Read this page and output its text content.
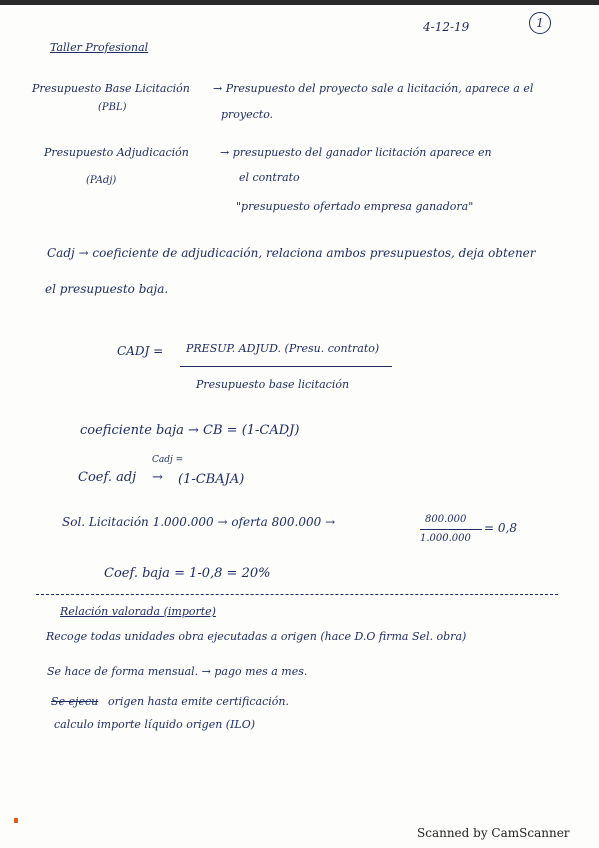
4-12-19	1
Taller Profesional
Presupuesto Base Licitación → Presupuesto del proyecto sale a licitación, aparece a el
(PBL)
proyecto.
Presupuesto Adjudicación	→ presupuesto del ganador licitación aparece en
(PAdj)	el contrato
"presupuesto ofertado empresa ganadora"
Cadj → coeficiente de adjudicación, relaciona ambos presupuestos, deja obtener
el presupuesto baja.
CADJ = PRESUP. ADJUD. (Presu. contrato)
Presupuesto base licitación
coeficiente baja → CB = (1-CADJ)
Cadj =
Coef. adj → (1-CBAJA)
Sol. Licitación 1.000.000 → oferta 800.000 →	800.000
1.000.000
= 0,8
Coef. baja = 1-0,8 = 20%
Relación valorada (importe)
Recoge todas unidades obra ejecutadas a origen (hace D.O firma Sel. obra)
Se hace de forma mensual. → pago mes a mes.
Se ejecu origen hasta emite certificación.
calculo importe líquido origen (ILO)
Scanned by CamScanner
